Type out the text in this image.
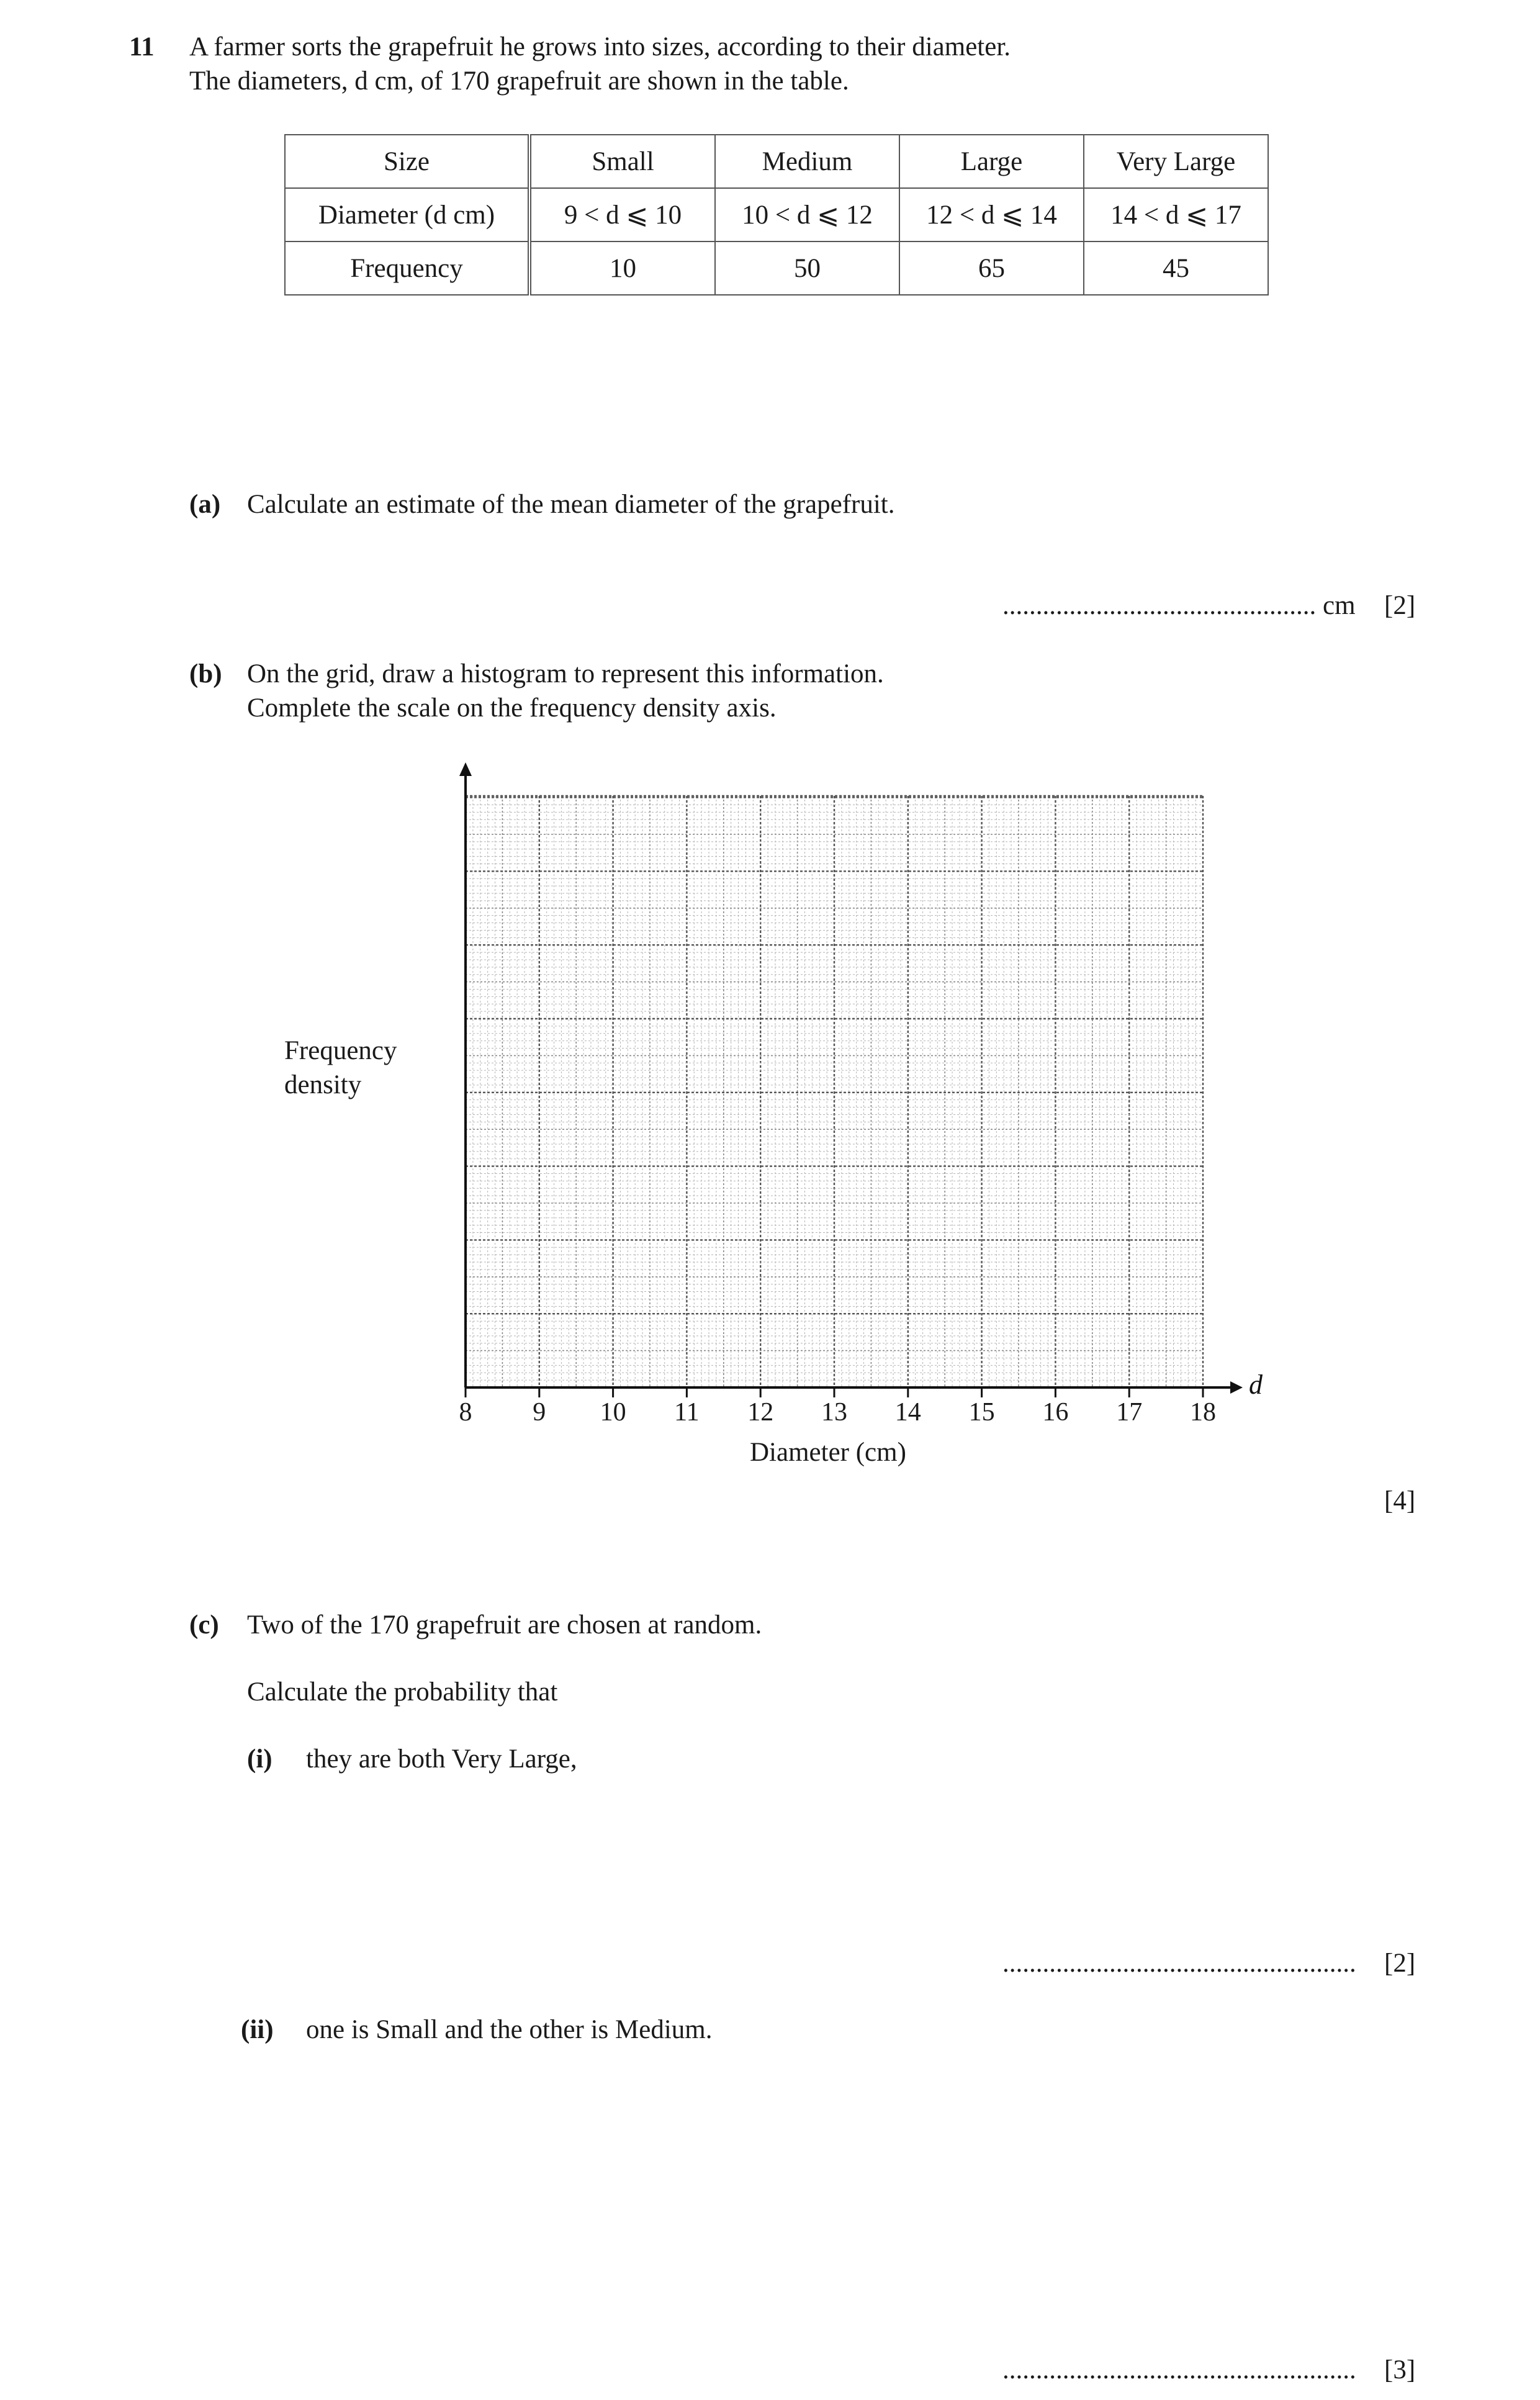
11 A farmer sorts the grapefruit he grows into sizes, according to their diameter.
The diameters, d cm, of 170 grapefruit are shown in the table.
Size	Small	Medium	Large	Very Large
Diameter (d cm)	9 < d ⩽ 10	10 < d ⩽ 12	12 < d ⩽ 14	14 < d ⩽ 17
Frequency	10	50	65	45
(a) Calculate an estimate of the mean diameter of the grapefruit.
............................................... cm [2]
(b) On the grid, draw a histogram to represent this information.
Complete the scale on the frequency density axis.
Frequency
density
d
8 9 10 11 12 13 14 15 16 17 18
Diameter (cm)
[4]
(c) Two of the 170 grapefruit are chosen at random.
Calculate the probability that
(i) they are both Very Large,
..................................................... [2]
(ii) one is Small and the other is Medium.
..................................................... [3]
